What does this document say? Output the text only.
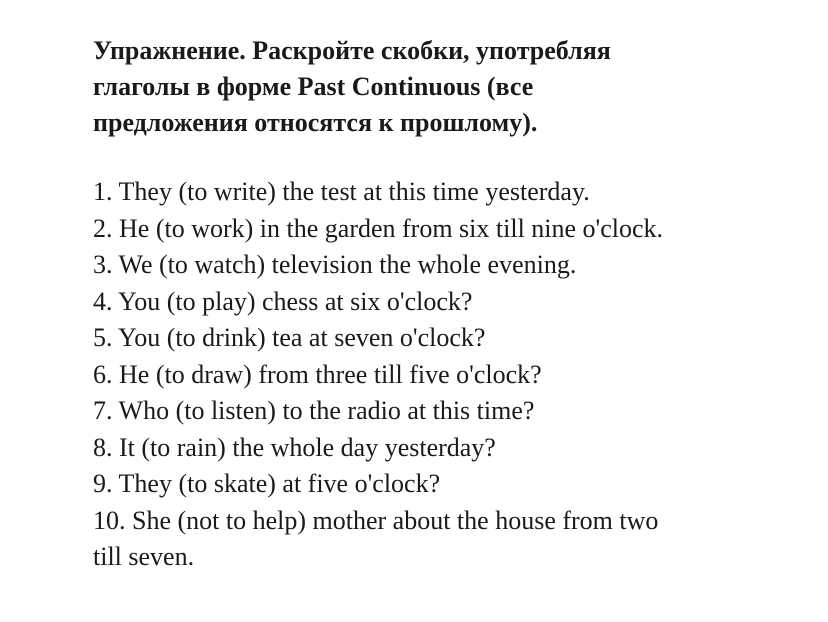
Упражнение. Раскройте скобки, употребляя
глаголы в форме Past Continuous (все
предложения относятся к прошлому).
1. They (to write) the test at this time yesterday.
2. He (to work) in the garden from six till nine o'clock.
3. We (to watch) television the whole evening.
4. You (to play) chess at six o'clock?
5. You (to drink) tea at seven o'clock?
6. He (to draw) from three till five o'clock?
7. Who (to listen) to the radio at this time?
8. It (to rain) the whole day yesterday?
9. They (to skate) at five o'clock?
10. She (not to help) mother about the house from two
till seven.
